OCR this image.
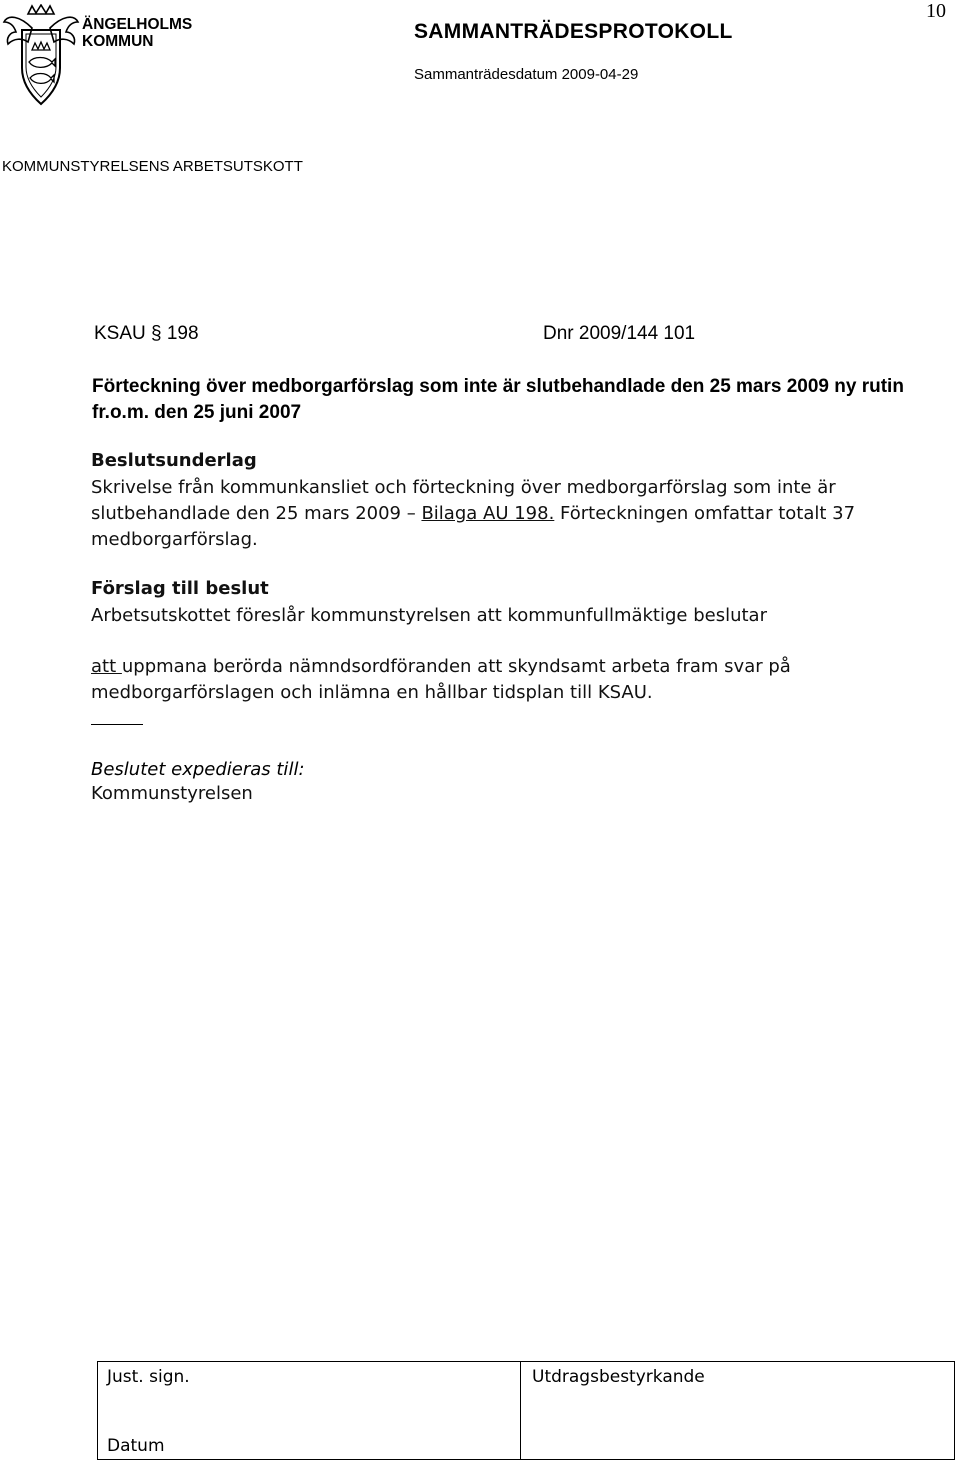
ÄNGELHOLMS
KOMMUN	SAMMANTRÄDESPROTOKOLL
Sammanträdesdatum 2009-04-29
10
KOMMUNSTYRELSENS ARBETSUTSKOTT
KSAU § 198	Dnr 2009/144 101
Förteckning över medborgarförslag som inte är slutbehandlade den 25 mars 2009 ny rutin fr.o.m. den 25 juni 2007
Beslutsunderlag
Skrivelse från kommunkansliet och förteckning över medborgarförslag som inte är slutbehandlade den 25 mars 2009 – Bilaga AU 198. Förteckningen omfattar totalt 37 medborgarförslag.
Förslag till beslut
Arbetsutskottet föreslår kommunstyrelsen att kommunfullmäktige beslutar
att uppmana berörda nämndsordföranden att skyndsamt arbeta fram svar på medborgarförslagen och inlämna en hållbar tidsplan till KSAU.
Beslutet expedieras till:
Kommunstyrelsen
Just. sign.	Utdragsbestyrkande
Datum
